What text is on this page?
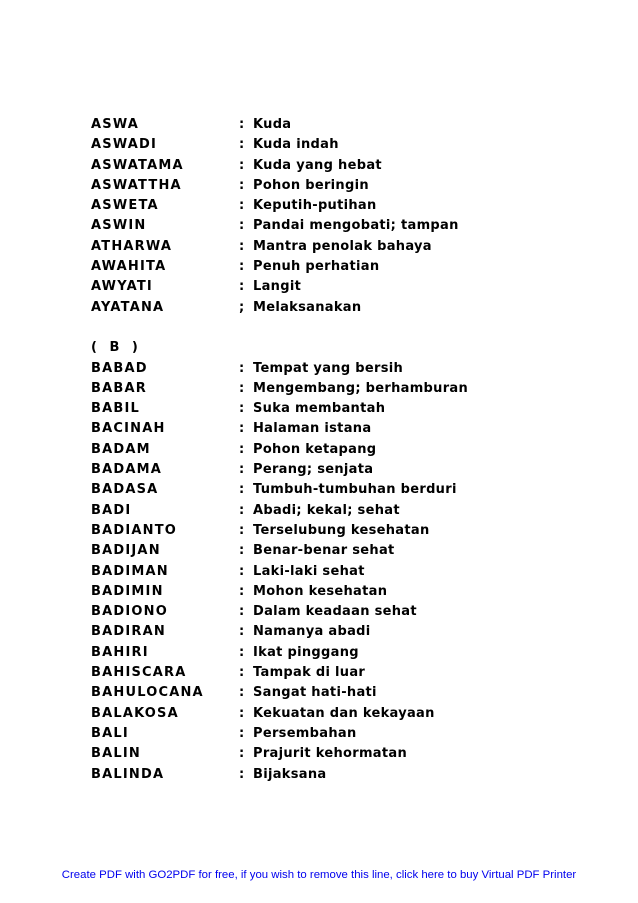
ASWA	: Kuda
ASWADI	: Kuda indah
ASWATAMA	: Kuda yang hebat
ASWATTHA	: Pohon beringin
ASWETA	: Keputih-putihan
ASWIN	: Pandai mengobati; tampan
ATHARWA	: Mantra penolak bahaya
AWAHITA	: Penuh perhatian
AWYATI	: Langit
AYATANA	; Melaksanakan
( B )
BABAD	: Tempat yang bersih
BABAR	: Mengembang; berhamburan
BABIL	: Suka membantah
BACINAH	: Halaman istana
BADAM	: Pohon ketapang
BADAMA	: Perang; senjata
BADASA	: Tumbuh-tumbuhan berduri
BADI	: Abadi; kekal; sehat
BADIANTO	: Terselubung kesehatan
BADIJAN	: Benar-benar sehat
BADIMAN	: Laki-laki sehat
BADIMIN	: Mohon kesehatan
BADIONO	: Dalam keadaan sehat
BADIRAN	: Namanya abadi
BAHIRI	: Ikat pinggang
BAHISCARA	: Tampak di luar
BAHULOCANA	: Sangat hati-hati
BALAKOSA	: Kekuatan dan kekayaan
BALI	: Persembahan
BALIN	: Prajurit kehormatan
BALINDA	: Bijaksana
Create PDF with GO2PDF for free, if you wish to remove this line, click here to buy Virtual PDF Printer
